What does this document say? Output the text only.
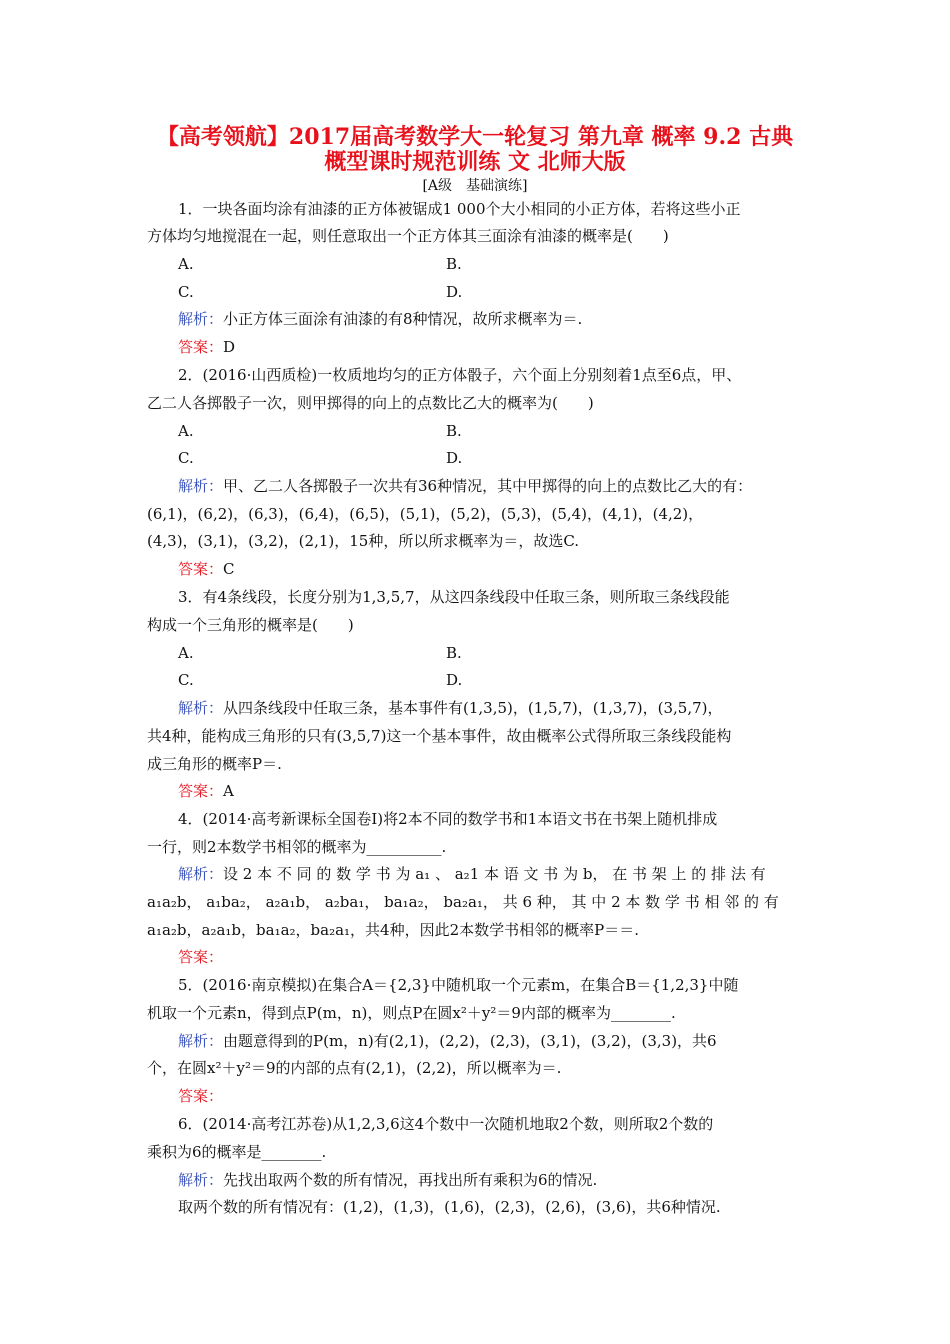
【高考领航】2017届高考数学大一轮复习 第九章 概率 9.2 古典
概型课时规范训练 文 北师大版
[A级　基础演练]
1．一块各面均涂有油漆的正方体被锯成1 000个大小相同的小正方体，若将这些小正
方体均匀地搅混在一起，则任意取出一个正方体其三面涂有油漆的概率是(　　)
A.	B.
C.	D.
解析：小正方体三面涂有油漆的有8种情况，故所求概率为＝.
答案：D
2．(2016·山西质检)一枚质地均匀的正方体骰子，六个面上分别刻着1点至6点，甲、
乙二人各掷骰子一次，则甲掷得的向上的点数比乙大的概率为(　　)
A.	B.
C.	D.
解析：甲、乙二人各掷骰子一次共有36种情况，其中甲掷得的向上的点数比乙大的有：
(6,1)，(6,2)，(6,3)，(6,4)，(6,5)，(5,1)，(5,2)，(5,3)，(5,4)，(4,1)，(4,2)，
(4,3)，(3,1)，(3,2)，(2,1)，15种，所以所求概率为＝，故选C.
答案：C
3．有4条线段，长度分别为1,3,5,7，从这四条线段中任取三条，则所取三条线段能
构成一个三角形的概率是(　　)
A.	B.
C.	D.
解析：从四条线段中任取三条，基本事件有(1,3,5)，(1,5,7)，(1,3,7)，(3,5,7)，
共4种，能构成三角形的只有(3,5,7)这一个基本事件，故由概率公式得所取三条线段能构
成三角形的概率P＝.
答案：A
4．(2014·高考新课标全国卷Ⅰ)将2本不同的数学书和1本语文书在书架上随机排成
一行，则2本数学书相邻的概率为__________.
解析：设 2 本 不 同 的 数 学 书 为 a₁ 、 a₂1 本 语 文 书 为 b， 在 书 架 上 的 排 法 有
a₁a₂b， a₁ba₂， a₂a₁b， a₂ba₁， ba₁a₂， ba₂a₁， 共 6 种， 其 中 2 本 数 学 书 相 邻 的 有
a₁a₂b，a₂a₁b，ba₁a₂，ba₂a₁，共4种，因此2本数学书相邻的概率P＝＝.
答案：
5．(2016·南京模拟)在集合A＝{2,3}中随机取一个元素m，在集合B＝{1,2,3}中随
机取一个元素n，得到点P(m，n)，则点P在圆x²＋y²＝9内部的概率为________.
解析：由题意得到的P(m，n)有(2,1)，(2,2)，(2,3)，(3,1)，(3,2)，(3,3)，共6
个，在圆x²＋y²＝9的内部的点有(2,1)，(2,2)，所以概率为＝.
答案：
6．(2014·高考江苏卷)从1,2,3,6这4个数中一次随机地取2个数，则所取2个数的
乘积为6的概率是________.
解析：先找出取两个数的所有情况，再找出所有乘积为6的情况.
取两个数的所有情况有：(1,2)，(1,3)，(1,6)，(2,3)，(2,6)，(3,6)，共6种情况.
